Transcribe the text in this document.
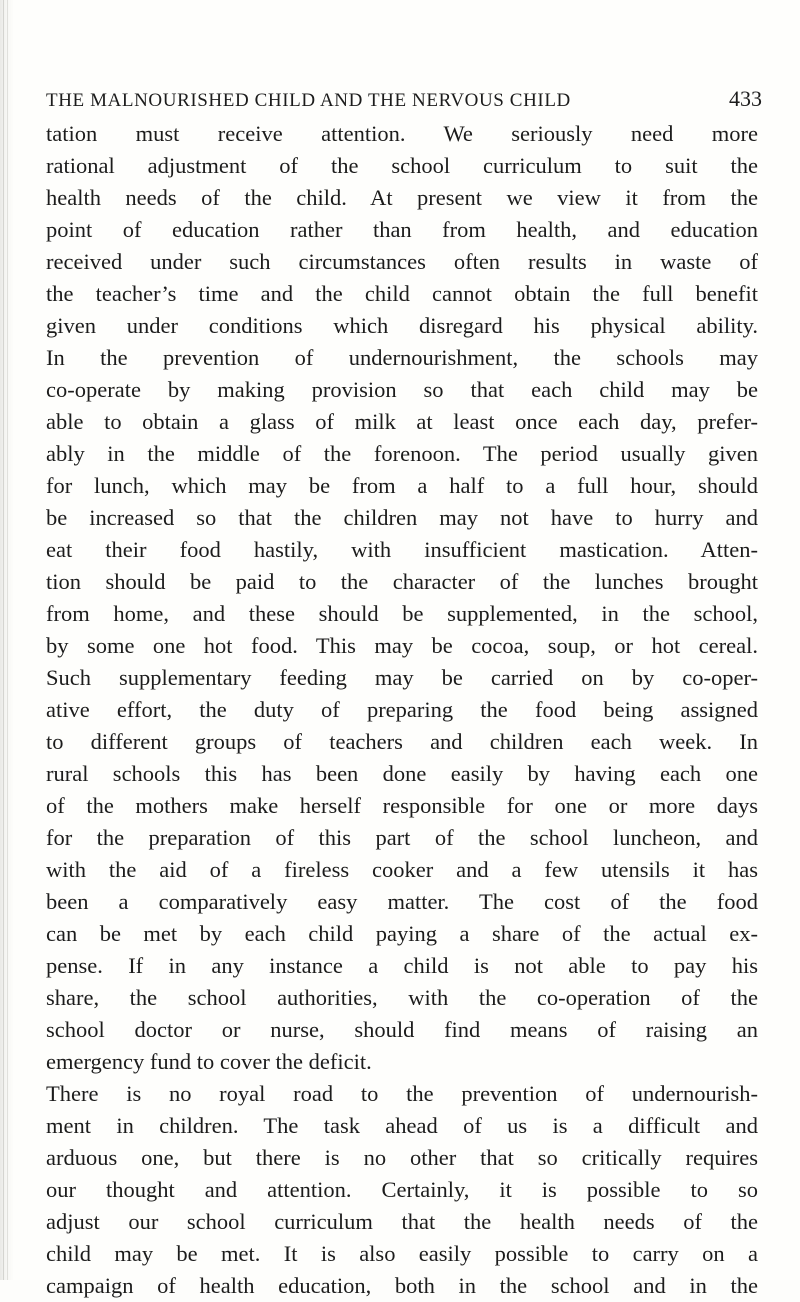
THE MALNOURISHED CHILD AND THE NERVOUS CHILD	433
tation must receive attention. We seriously need more
rational adjustment of the school curriculum to suit the
health needs of the child. At present we view it from the
point of education rather than from health, and education
received under such circumstances often results in waste of
the teacher’s time and the child cannot obtain the full benefit
given under conditions which disregard his physical ability.
In the prevention of undernourishment, the schools may
co-operate by making provision so that each child may be
able to obtain a glass of milk at least once each day, prefer-
ably in the middle of the forenoon. The period usually given
for lunch, which may be from a half to a full hour, should
be increased so that the children may not have to hurry and
eat their food hastily, with insufficient mastication. Atten-
tion should be paid to the character of the lunches brought
from home, and these should be supplemented, in the school,
by some one hot food. This may be cocoa, soup, or hot cereal.
Such supplementary feeding may be carried on by co-oper-
ative effort, the duty of preparing the food being assigned
to different groups of teachers and children each week. In
rural schools this has been done easily by having each one
of the mothers make herself responsible for one or more days
for the preparation of this part of the school luncheon, and
with the aid of a fireless cooker and a few utensils it has
been a comparatively easy matter. The cost of the food
can be met by each child paying a share of the actual ex-
pense. If in any instance a child is not able to pay his
share, the school authorities, with the co-operation of the
school doctor or nurse, should find means of raising an
emergency fund to cover the deficit.
There is no royal road to the prevention of undernourish-
ment in children. The task ahead of us is a difficult and
arduous one, but there is no other that so critically requires
our thought and attention. Certainly, it is possible to so
adjust our school curriculum that the health needs of the
child may be met. It is also easily possible to carry on a
campaign of health education, both in the school and in the
